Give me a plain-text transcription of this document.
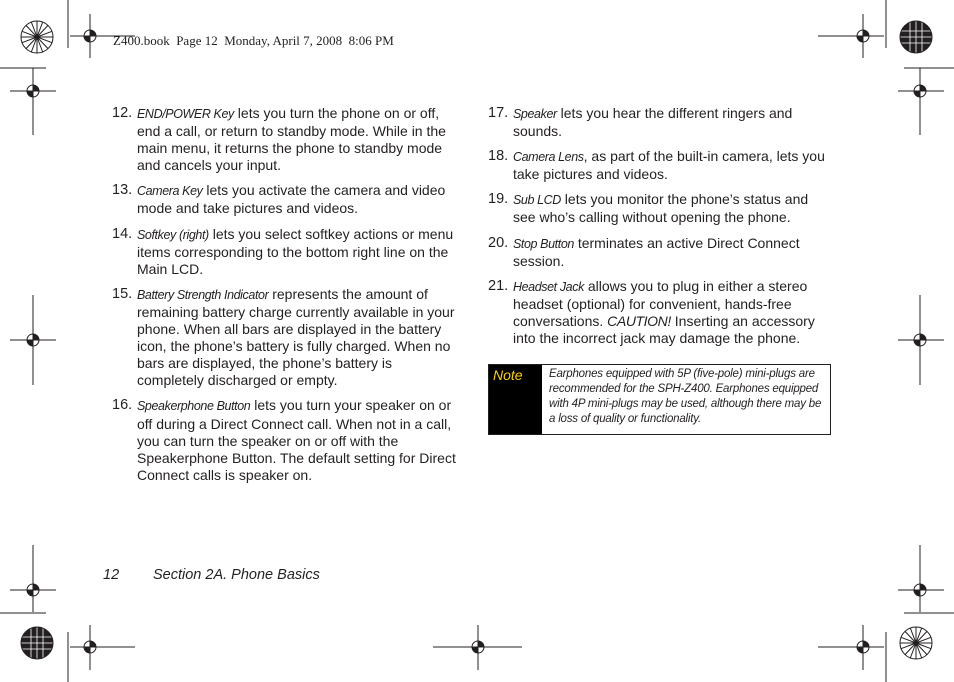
Z400.book  Page 12  Monday, April 7, 2008  8:06 PM
12. END/POWER Key lets you turn the phone on or off, end a call, or return to standby mode. While in the main menu, it returns the phone to standby mode and cancels your input.
13. Camera Key lets you activate the camera and video mode and take pictures and videos.
14. Softkey (right) lets you select softkey actions or menu items corresponding to the bottom right line on the Main LCD.
15. Battery Strength Indicator represents the amount of remaining battery charge currently available in your phone. When all bars are displayed in the battery icon, the phone’s battery is fully charged. When no bars are displayed, the phone’s battery is completely discharged or empty.
16. Speakerphone Button lets you turn your speaker on or off during a Direct Connect call. When not in a call, you can turn the speaker on or off with the Speakerphone Button. The default setting for Direct Connect calls is speaker on.
17. Speaker lets you hear the different ringers and sounds.
18. Camera Lens, as part of the built-in camera, lets you take pictures and videos.
19. Sub LCD lets you monitor the phone’s status and see who’s calling without opening the phone.
20. Stop Button terminates an active Direct Connect session.
21. Headset Jack allows you to plug in either a stereo headset (optional) for convenient, hands-free conversations. CAUTION! Inserting an accessory into the incorrect jack may damage the phone.
Note	Earphones equipped with 5P (five-pole) mini-plugs are recommended for the SPH-Z400. Earphones equipped with 4P mini-plugs may be used, although there may be a loss of quality or functionality.
12 Section 2A. Phone Basics
